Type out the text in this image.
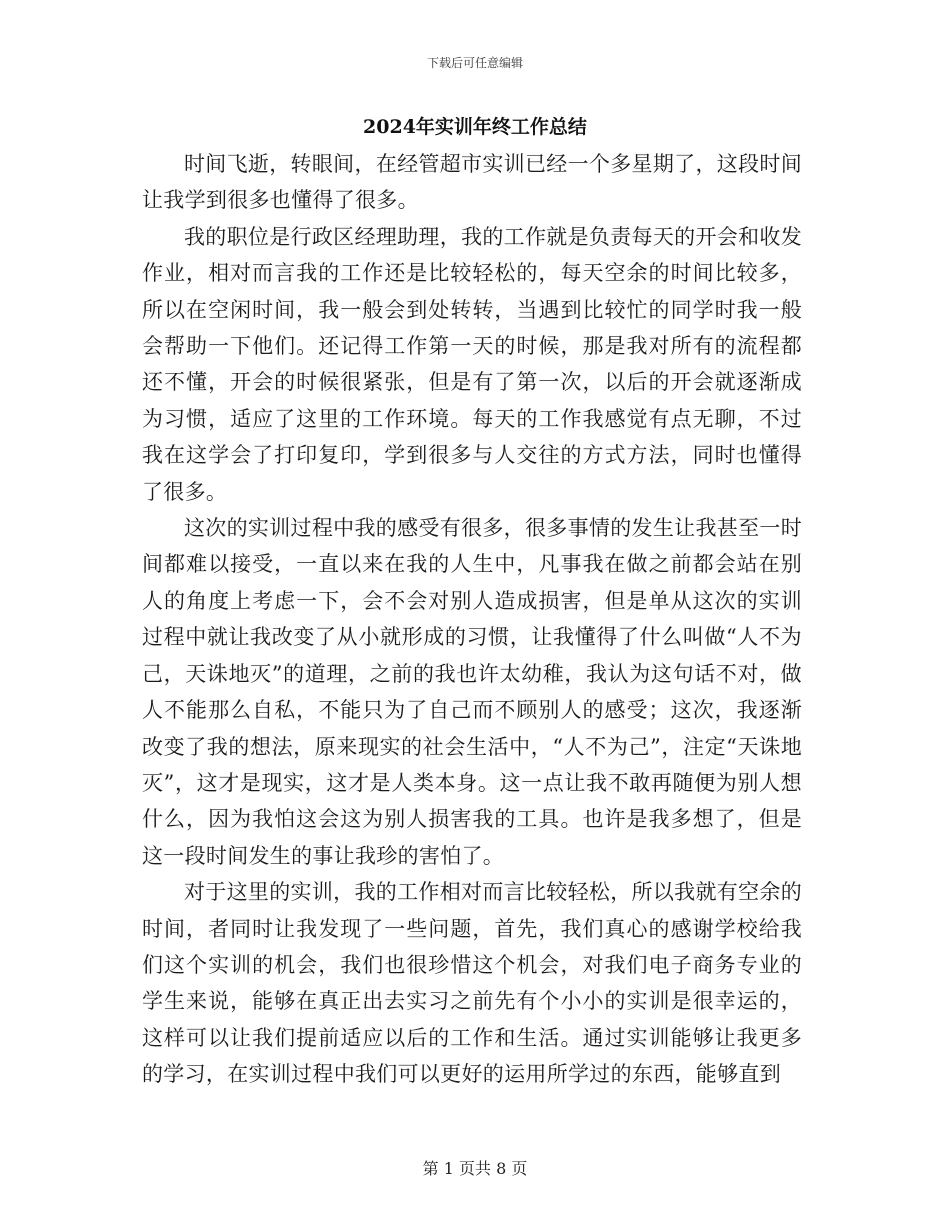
下载后可任意编辑
2024年实训年终工作总结

时间飞逝，转眼间，在经管超市实训已经一个多星期了，这段时间让我学到很多也懂得了很多。

我的职位是行政区经理助理，我的工作就是负责每天的开会和收发作业，相对而言我的工作还是比较轻松的，每天空余的时间比较多，所以在空闲时间，我一般会到处转转，当遇到比较忙的同学时我一般会帮助一下他们。还记得工作第一天的时候，那是我对所有的流程都还不懂，开会的时候很紧张，但是有了第一次，以后的开会就逐渐成为习惯，适应了这里的工作环境。每天的工作我感觉有点无聊，不过我在这学会了打印复印，学到很多与人交往的方式方法，同时也懂得了很多。

这次的实训过程中我的感受有很多，很多事情的发生让我甚至一时间都难以接受，一直以来在我的人生中，凡事我在做之前都会站在别人的角度上考虑一下，会不会对别人造成损害，但是单从这次的实训过程中就让我改变了从小就形成的习惯，让我懂得了什么叫做“人不为己，天诛地灭”的道理，之前的我也许太幼稚，我认为这句话不对，做人不能那么自私，不能只为了自己而不顾别人的感受；这次，我逐渐改变了我的想法，原来现实的社会生活中，“人不为己”，注定“天诛地灭”，这才是现实，这才是人类本身。这一点让我不敢再随便为别人想什么，因为我怕这会这为别人损害我的工具。也许是我多想了，但是这一段时间发生的事让我珍的害怕了。

对于这里的实训，我的工作相对而言比较轻松，所以我就有空余的时间，者同时让我发现了一些问题，首先，我们真心的感谢学校给我们这个实训的机会，我们也很珍惜这个机会，对我们电子商务专业的学生来说，能够在真正出去实习之前先有个小小的实训是很幸运的，这样可以让我们提前适应以后的工作和生活。通过实训能够让我更多的学习，在实训过程中我们可以更好的运用所学过的东西，能够直到

第 1 页共 8 页
